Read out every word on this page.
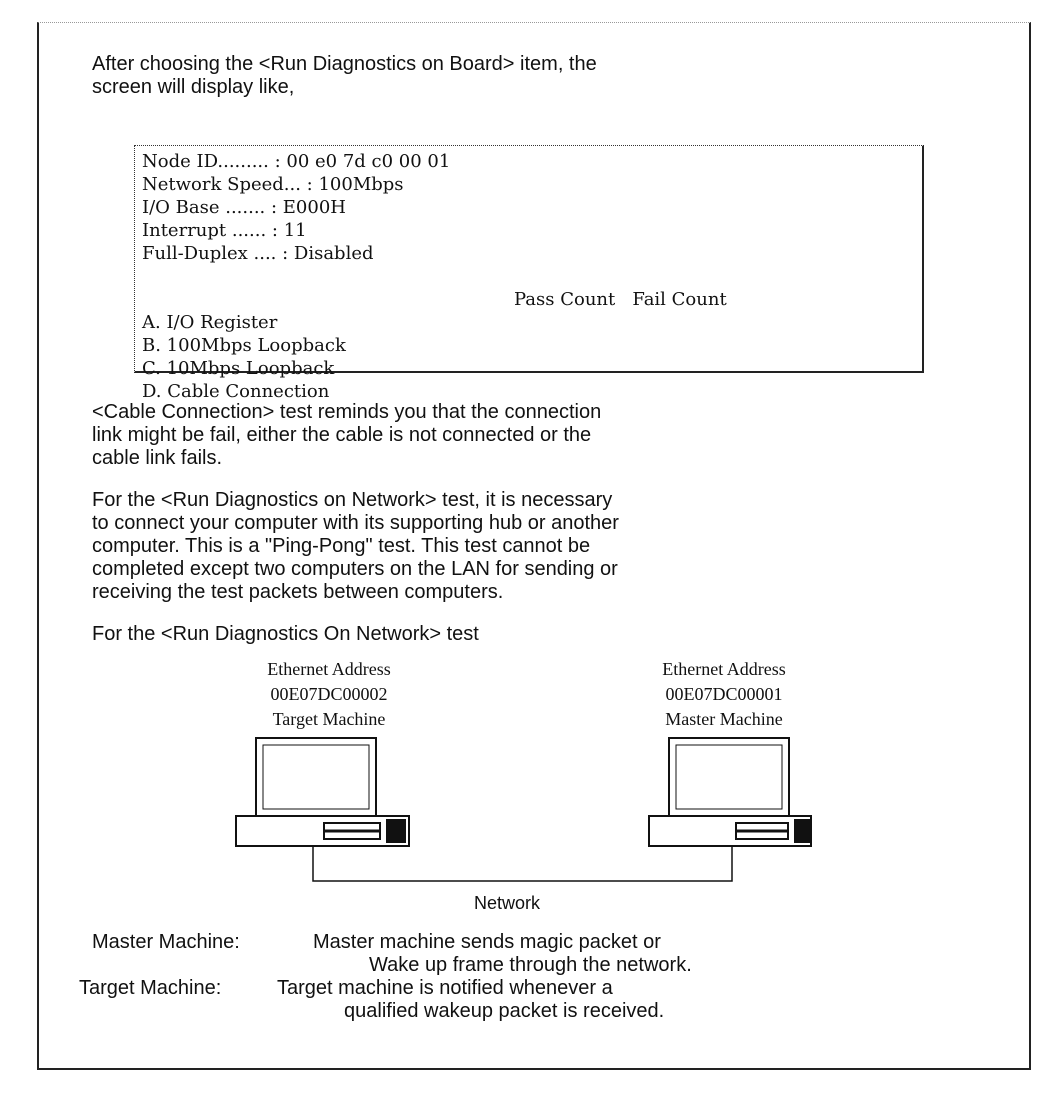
After choosing the <Run Diagnostics on Board> item, the
screen will display like,

Node ID......... : 00 e0 7d c0 00 01
Network Speed... : 100Mbps
I/O Base ....... : E000H
Interrupt ...... : 11
Full-Duplex .... : Disabled
Pass Count   Fail Count
A. I/O Register
B. 100Mbps Loopback
C. 10Mbps Loopback
D. Cable Connection

<Cable Connection> test reminds you that the connection
link might be fail, either the cable is not connected or the
cable link fails.

For the <Run Diagnostics on Network> test, it is necessary
to connect your computer with its supporting hub or another
computer. This is a "Ping-Pong" test. This test cannot be
completed except two computers on the LAN for sending or
receiving the test packets between computers.

For the <Run Diagnostics On Network> test

Ethernet Address
00E07DC00002
Target Machine
Ethernet Address
00E07DC00001
Master Machine
Network

Master Machine:	Master machine sends magic packet or

Wake up frame through the network.

Target Machine:	Target machine is notified whenever a

qualified wakeup packet is received.
